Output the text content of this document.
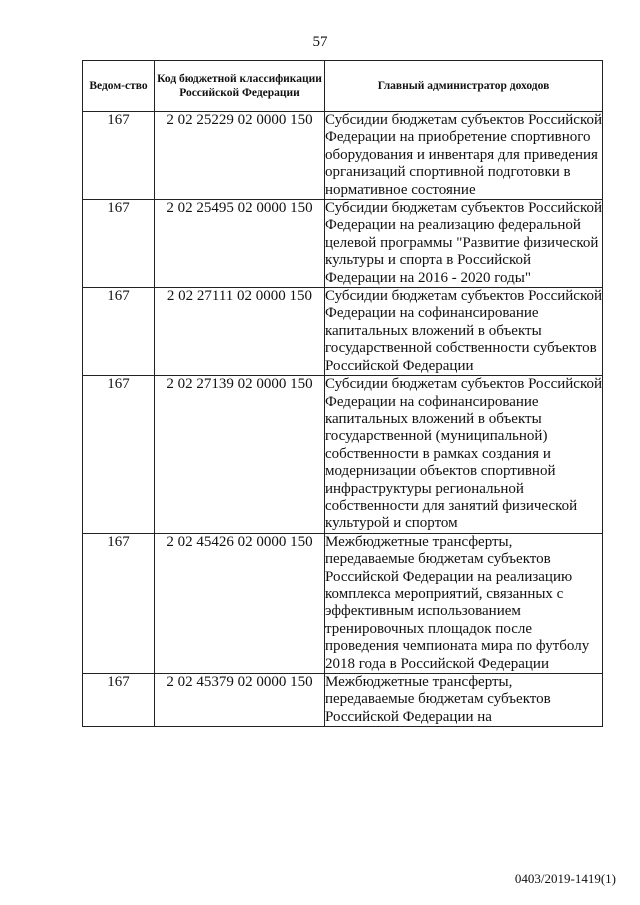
57
Ведом-ство	Код бюджетной классификации Российской Федерации	Главный администратор доходов
167	2 02 25229 02 0000 150	Субсидии бюджетам субъектов Российской Федерации на приобретение спортивного оборудования и инвентаря для приведения организаций спортивной подготовки в нормативное состояние
167	2 02 25495 02 0000 150	Субсидии бюджетам субъектов Российской Федерации на реализацию федеральной целевой программы "Развитие физической культуры и спорта в Российской Федерации на 2016 - 2020 годы"
167	2 02 27111 02 0000 150	Субсидии бюджетам субъектов Российской Федерации на софинансирование капитальных вложений в объекты государственной собственности субъектов Российской Федерации
167	2 02 27139 02 0000 150	Субсидии бюджетам субъектов Российской Федерации на софинансирование капитальных вложений в объекты государственной (муниципальной) собственности в рамках создания и модернизации объектов спортивной инфраструктуры региональной собственности для занятий физической культурой и спортом
167	2 02 45426 02 0000 150	Межбюджетные трансферты, передаваемые бюджетам субъектов Российской Федерации на реализацию комплекса мероприятий, связанных с эффективным использованием тренировочных площадок после проведения чемпионата мира по футболу 2018 года в Российской Федерации
167	2 02 45379 02 0000 150	Межбюджетные трансферты, передаваемые бюджетам субъектов Российской Федерации на
0403/2019-1419(1)
